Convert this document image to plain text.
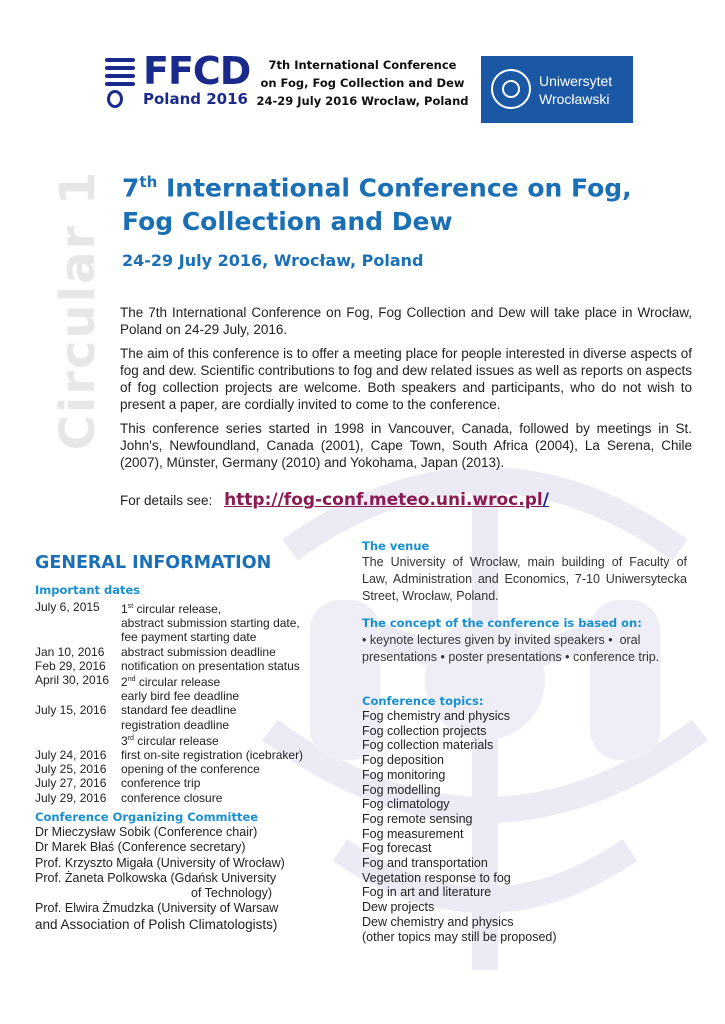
FFCD
Poland 2016
7th International Conference
on Fog, Fog Collection and Dew
24-29 July 2016 Wroclaw, Poland
Uniwersytet
Wrocławski
Circular 1 7th International Conference on Fog,
Fog Collection and Dew
24-29 July 2016, Wrocław, Poland

The 7th International Conference on Fog, Fog Collection and Dew will take place in Wrocław, Poland on 24-29 July, 2016.

The aim of this conference is to offer a meeting place for people interested in diverse aspects of fog and dew. Scientific contributions to fog and dew related issues as well as reports on aspects of fog collection projects are welcome. Both speakers and participants, who do not wish to present a paper, are cordially invited to come to the conference.

This conference series started in 1998 in Vancouver, Canada, followed by meetings in St. John's, Newfoundland, Canada (2001), Cape Town, South Africa (2004), La Serena, Chile (2007), Münster, Germany (2010) and Yokohama, Japan (2013).

For details see: http://fog-conf.meteo.uni.wroc.pl/
GENERAL INFORMATION
Important dates
July 6, 2015	1st circular release,
abstract submission starting date,
fee payment starting date
Jan 10, 2016	abstract submission deadline
Feb 29, 2016	notification on presentation status
April 30, 2016 2nd circular release
early bird fee deadline
July 15, 2016	standard fee deadline
registration deadline
3rd circular release
July 24, 2016	first on-site registration (icebraker)
July 25, 2016	opening of the conference
July 27, 2016	conference trip
July 29, 2016	conference closure
Conference Organizing Committee
Dr Mieczysław Sobik (Conference chair)
Dr Marek Błaś (Conference secretary)
Prof. Krzyszto Migała (University of Wrocław)
Prof. Żaneta Polkowska (Gdańsk University
of Technology)
Prof. Elwira Żmudzka (University of Warsaw
and Association of Polish Climatologists)
The venue
The University of Wrocław, main building of Faculty of Law, Administration and Economics, 7-10 Uniwersytecka Street, Wrocław, Poland.
The concept of the conference is based on:
• keynote lectures given by invited speakers • oral presentations • poster presentations • conference trip.
Conference topics:
Fog chemistry and physics
Fog collection projects
Fog collection materials
Fog deposition
Fog monitoring
Fog modelling
Fog climatology
Fog remote sensing
Fog measurement
Fog forecast
Fog and transportation
Vegetation response to fog
Fog in art and literature
Dew projects
Dew chemistry and physics
(other topics may still be proposed)
